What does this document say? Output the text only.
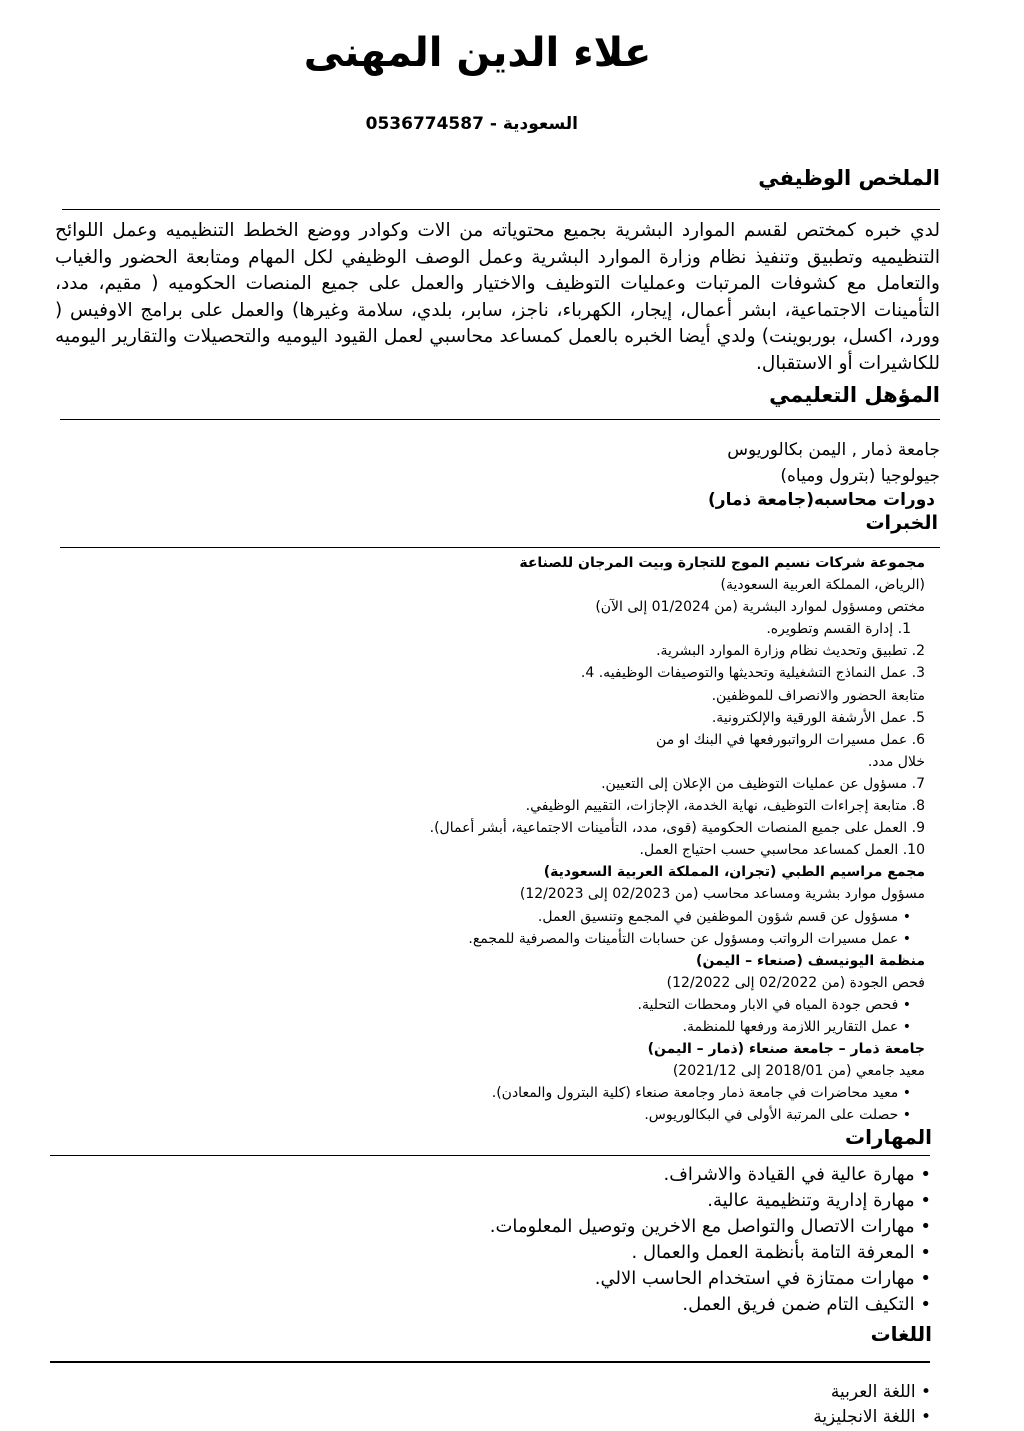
علاء الدين المهنى
السعودية - 0536774587
الملخص الوظيفي
لدي خبره كمختص لقسم الموارد البشرية بجميع محتوياته من الات وكوادر ووضع الخطط التنظيميه وعمل اللوائح التنظيميه وتطبيق وتنفيذ نظام وزارة الموارد البشرية وعمل الوصف الوظيفي لكل المهام ومتابعة الحضور والغياب والتعامل مع كشوفات المرتبات وعمليات التوظيف والاختيار والعمل على جميع المنصات الحكوميه ( مقيم، مدد، التأمينات الاجتماعية، ابشر أعمال، إيجار، الكهرباء، ناجز، سابر، بلدي، سلامة وغيرها) والعمل على برامج الاوفيس ( وورد، اكسل، بوربوينت) ولدي أيضا الخبره بالعمل كمساعد محاسبي لعمل القيود اليوميه والتحصيلات والتقارير اليوميه للكاشيرات أو الاستقبال.
المؤهل التعليمي
جامعة ذمار , اليمن بكالوريوس
جيولوجيا (بترول ومياه)
دورات محاسبه(جامعة ذمار)
الخبرات
مجموعة شركات نسيم الموج للتجارة وبيت المرجان للصناعة
(الرياض، المملكة العربية السعودية)
مختص ومسؤول لموارد البشرية (من 01/2024 إلى الآن)
1. إدارة القسم وتطويره.
2. تطبيق وتحديث نظام وزارة الموارد البشرية.
3. عمل النماذج التشغيلية وتحديثها والتوصيفات الوظيفيه. 4.
متابعة الحضور والانصراف للموظفين.
5. عمل الأرشفة الورقية والإلكترونية.
6. عمل مسيرات الرواتبورفعها في البنك او من
خلال مدد.
7. مسؤول عن عمليات التوظيف من الإعلان إلى التعيين.
8. متابعة إجراءات التوظيف، نهاية الخدمة، الإجازات، التقييم الوظيفي.
9. العمل على جميع المنصات الحكومية (قوى، مدد، التأمينات الاجتماعية، أبشر أعمال).
10. العمل كمساعد محاسبي حسب احتياج العمل.
مجمع مراسيم الطبي (تجران، المملكة العربية السعودية)
مسؤول موارد بشرية ومساعد محاسب (من 02/2023 إلى 12/2023)
• مسؤول عن قسم شؤون الموظفين في المجمع وتنسيق العمل.
• عمل مسيرات الرواتب ومسؤول عن حسابات التأمينات والمصرفية للمجمع.
منظمة اليونيسف (صنعاء – اليمن)
فحص الجودة (من 02/2022 إلى 12/2022)
• فحص جودة المياه في الابار ومحطات التحلية.
• عمل التقارير اللازمة ورفعها للمنظمة.
جامعة ذمار – جامعة صنعاء (ذمار – اليمن)
معيد جامعي (من 2018/01 إلى 2021/12)
• معيد محاضرات في جامعة ذمار وجامعة صنعاء (كلية البترول والمعادن).
• حصلت على المرتبة الأولى في البكالوريوس.
المهارات
• مهارة عالية في القيادة والاشراف.
• مهارة إدارية وتنظيمية عالية.
• مهارات الاتصال والتواصل مع الاخرين وتوصيل المعلومات.
• المعرفة التامة بأنظمة العمل والعمال .
• مهارات ممتازة في استخدام الحاسب الالي.
• التكيف التام ضمن فريق العمل.
اللغات
• اللغة العربية
• اللغة الانجليزية
